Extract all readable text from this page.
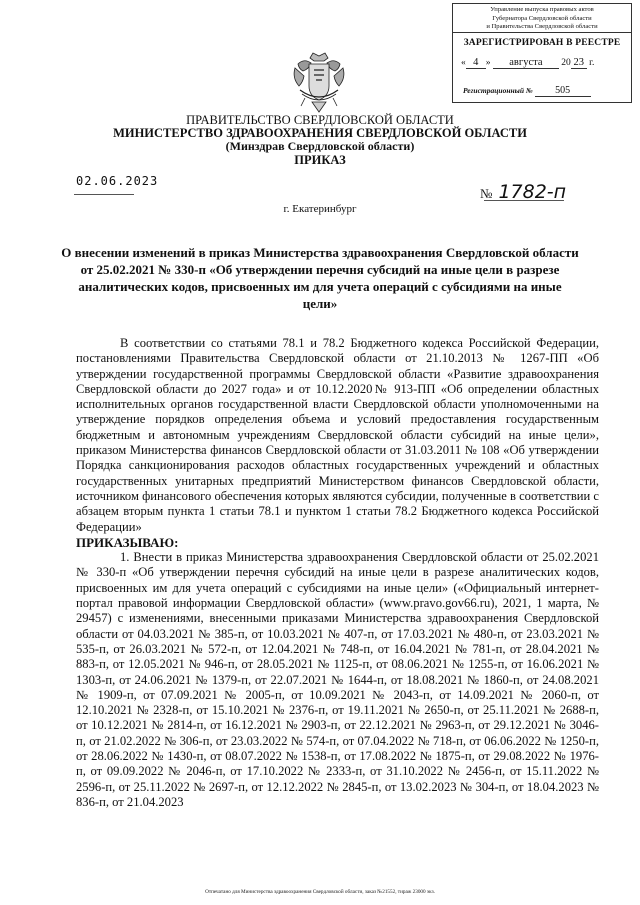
Управление выпуска правовых актов
Губернатора Свердловской области
и Правительства Свердловской области
ЗАРЕГИСТРИРОВАН В РЕЕСТРЕ
« 4 » августа 20 23 г.
Регистрационный № 505
ПРАВИТЕЛЬСТВО СВЕРДЛОВСКОЙ ОБЛАСТИ
МИНИСТЕРСТВО ЗДРАВООХРАНЕНИЯ СВЕРДЛОВСКОЙ ОБЛАСТИ
(Минздрав Свердловской области)
ПРИКАЗ
02.06.2023
№ 1782-п
г. Екатеринбург
О внесении изменений в приказ Министерства здравоохранения Свердловской области от 25.02.2021 № 330-п «Об утверждении перечня субсидий на иные цели в разрезе аналитических кодов, присвоенных им для учета операций с субсидиями на иные цели»

В соответствии со статьями 78.1 и 78.2 Бюджетного кодекса Российской Федерации, постановлениями Правительства Свердловской области от 21.10.2013 № 1267-ПП «Об утверждении государственной программы Свердловской области «Развитие здравоохранения Свердловской области до 2027 года» и от 10.12.2020№ 913-ПП «Об определении областных исполнительных органов государственной власти Свердловской области уполномоченными на утверждение порядков определения объема и условий предоставления государственным бюджетным и автономным учреждениям Свердловской области субсидий на иные цели», приказом Министерства финансов Свердловской области от 31.03.2011 № 108 «Об утверждении Порядка санкционирования расходов областных государственных учреждений и областных государственных унитарных предприятий Министерством финансов Свердловской области, источником финансового обеспечения которых являются субсидии, полученные в соответствии с абзацем вторым пункта 1 статьи 78.1 и пунктом 1 статьи 78.2 Бюджетного кодекса Российской Федерации»

ПРИКАЗЫВАЮ:

1. Внести в приказ Министерства здравоохранения Свердловской области от 25.02.2021 № 330-п «Об утверждении перечня субсидий на иные цели в разрезе аналитических кодов, присвоенных им для учета операций с субсидиями на иные цели» («Официальный интернет-портал правовой информации Свердловской области» (www.pravo.gov66.ru), 2021, 1 марта, № 29457) с изменениями, внесенными приказами Министерства здравоохранения Свердловской области от 04.03.2021 № 385-п, от 10.03.2021 № 407-п, от 17.03.2021 № 480-п, от 23.03.2021 № 535-п, от 26.03.2021 № 572-п, от 12.04.2021 № 748-п, от 16.04.2021 № 781-п, от 28.04.2021 № 883-п, от 12.05.2021 № 946-п, от 28.05.2021 № 1125-п, от 08.06.2021 № 1255-п, от 16.06.2021 № 1303-п, от 24.06.2021 № 1379-п, от 22.07.2021 № 1644-п, от 18.08.2021 № 1860-п, от 24.08.2021 № 1909-п, от 07.09.2021 № 2005-п, от 10.09.2021 № 2043-п, от 14.09.2021 № 2060-п, от 12.10.2021 № 2328-п, от 15.10.2021 № 2376-п, от 19.11.2021 № 2650-п, от 25.11.2021 № 2688-п, от 10.12.2021 № 2814-п, от 16.12.2021 № 2903-п, от 22.12.2021 № 2963-п, от 29.12.2021 № 3046-п, от 21.02.2022 № 306-п, от 23.03.2022 № 574-п, от 07.04.2022 № 718-п, от 06.06.2022 № 1250-п, от 28.06.2022 № 1430-п, от 08.07.2022 № 1538-п, от 17.08.2022 № 1875-п, от 29.08.2022 № 1976-п, от 09.09.2022 № 2046-п, от 17.10.2022 № 2333-п, от 31.10.2022 № 2456-п, от 15.11.2022 № 2596-п, от 25.11.2022 № 2697-п, от 12.12.2022 № 2845-п, от 13.02.2023 № 304-п, от 18.04.2023 № 836-п, от 21.04.2023

Отпечатано для Министерства здравоохранения Свердловской области, заказ №21552, тираж 23000 экз.
